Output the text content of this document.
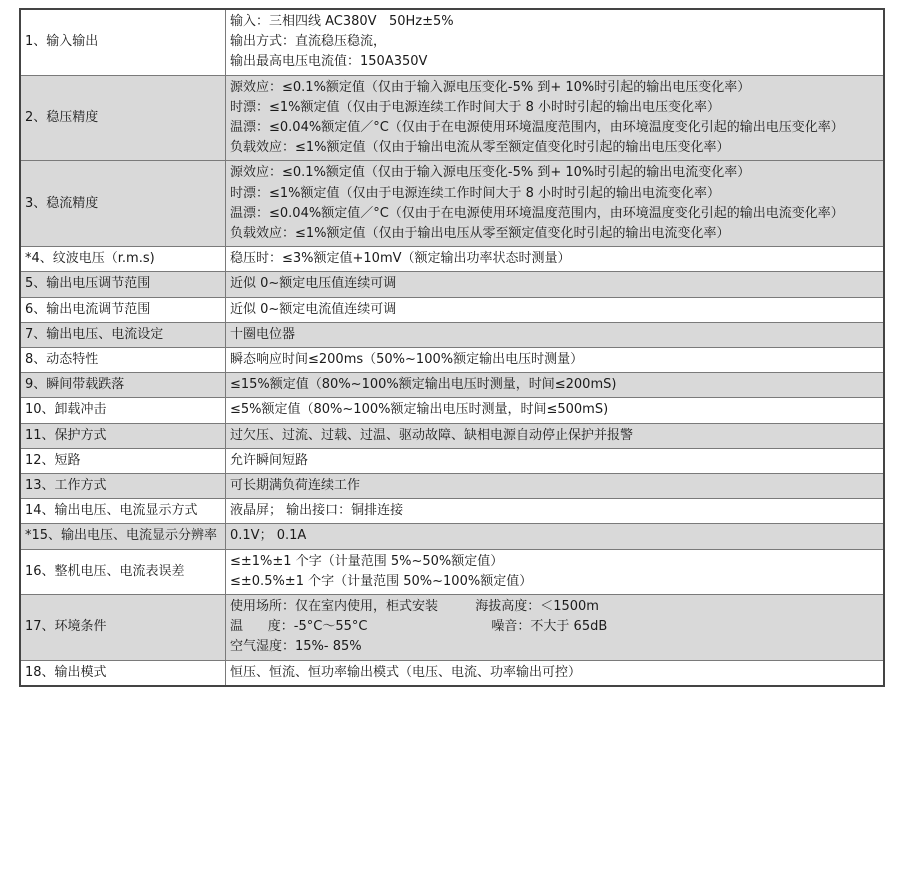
1、输入输出	输入：三相四线 AC380V   50Hz±5%
输出方式：直流稳压稳流，
输出最高电压电流值：150A350V

2、稳压精度	源效应：≤0.1%额定值（仅由于输入源电压变化-5% 到+ 10%时引起的输出电压变化率）
时漂：≤1%额定值（仅由于电源连续工作时间大于 8 小时时引起的输出电压变化率）
温漂：≤0.04%额定值／°C（仅由于在电源使用环境温度范围内，由环境温度变化引起的输出电压变化率）
负载效应：≤1%额定值（仅由于输出电流从零至额定值变化时引起的输出电压变化率）

3、稳流精度	源效应：≤0.1%额定值（仅由于输入源电压变化-5% 到+ 10%时引起的输出电流变化率）
时漂：≤1%额定值（仅由于电源连续工作时间大于 8 小时时引起的输出电流变化率）
温漂：≤0.04%额定值／°C（仅由于在电源使用环境温度范围内，由环境温度变化引起的输出电流变化率）
负载效应：≤1%额定值（仅由于输出电压从零至额定值变化时引起的输出电流变化率）

*4、纹波电压（r.m.s)	稳压时：≤3%额定值+10mV（额定输出功率状态时测量）
5、输出电压调节范围	近似 0~额定电压值连续可调
6、输出电流调节范围	近似 0~额定电流值连续可调
7、输出电压、电流设定	十圈电位器
8、动态特性	瞬态响应时间≤200ms（50%~100%额定输出电压时测量）
9、瞬间带载跌落	≤15%额定值（80%~100%额定输出电压时测量，时间≤200mS)
10、卸载冲击	≤5%额定值（80%~100%额定输出电压时测量，时间≤500mS)
11、保护方式	过欠压、过流、过载、过温、驱动故障、缺相电源自动停止保护并报警
12、短路	允许瞬间短路
13、工作方式	可长期满负荷连续工作
14、输出电压、电流显示方式	液晶屏； 输出接口：铜排连接
*15、输出电压、电流显示分辨率	0.1V； 0.1A
16、整机电压、电流表误差	≤±1%±1 个字（计量范围 5%~50%额定值）
≤±0.5%±1 个字（计量范围 50%~100%额定值）

17、环境条件	使用场所：仅在室内使用，柜式安装         海拔高度：＜1500m
温      度：-5°C～55°C                              噪音：不大于 65dB
空气湿度：15%- 85%

18、输出模式	恒压、恒流、恒功率输出模式（电压、电流、功率输出可控）
